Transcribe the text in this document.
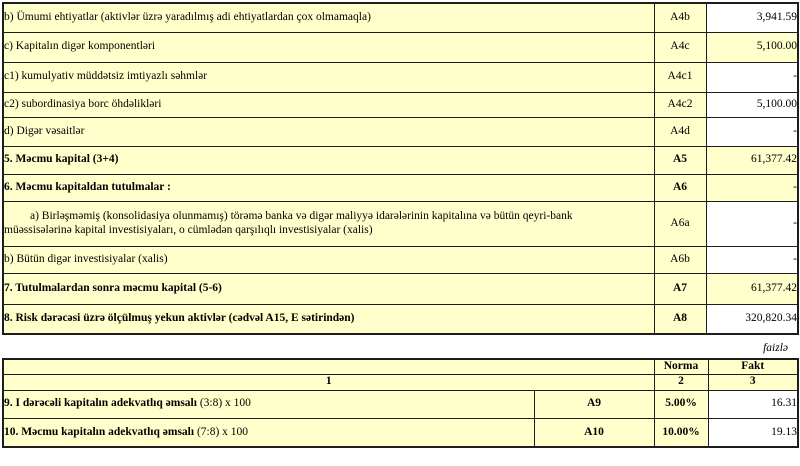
b) Ümumi ehtiyatlar (aktivlər üzrə yaradılmış adi ehtiyatlardan çox olmamaqla)	A4b	3,941.59
c) Kapitalın digər komponentləri	A4c	5,100.00
c1) kumulyativ müddətsiz imtiyazlı səhmlər	A4c1	-
c2) subordinasiya borc öhdəlikləri	A4c2	5,100.00
d) Digər vəsaitlər	A4d	-
5. Məcmu kapital (3+4)	A5	61,377.42
6. Məcmu kapitaldan tutulmalar :	A6	-

a) Birləşməmiş (konsolidasiya olunmamış) törəmə banka və digər maliyyə idarələrinin kapitalına və bütün qeyri-bank
müəssisələrinə kapital investisiyaları, o cümlədən qarşılıqlı investisiyalar (xalis)	A6a	-
b) Bütün digər investisiyalar (xalis)	A6b	-
7. Tutulmalardan sonra məcmu kapital (5-6)	A7	61,377.42
8. Risk dərəcəsi üzrə ölçülmuş yekun aktivlər (cədvəl A15, E sətirindən)	A8	320,820.34
faizlə
		Norma	Fakt
1		2	3
9. I dərəcəli kapitalın adekvatlıq əmsalı (3:8) x 100	A9	5.00%	16.31
10. Məcmu kapitalın adekvatlıq əmsalı (7:8) x 100	A10	10.00%	19.13
